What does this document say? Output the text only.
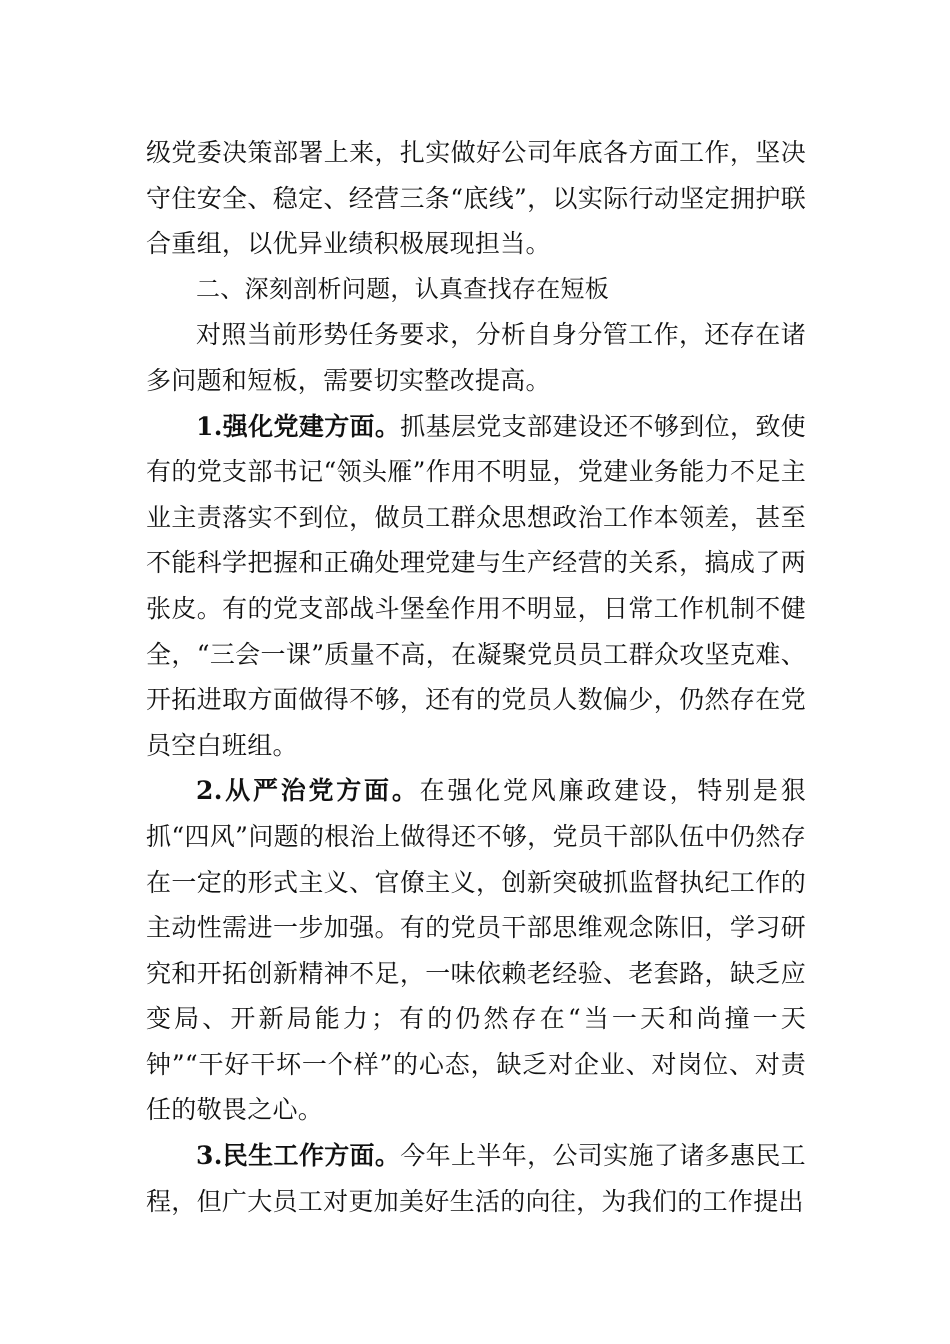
级党委决策部署上来，扎实做好公司年底各方面工作，坚决守住安全、稳定、经营三条“底线”，以实际行动坚定拥护联合重组，以优异业绩积极展现担当。

二、深刻剖析问题，认真查找存在短板

对照当前形势任务要求，分析自身分管工作，还存在诸多问题和短板，需要切实整改提高。

1.强化党建方面。抓基层党支部建设还不够到位，致使有的党支部书记“领头雁”作用不明显，党建业务能力不足主业主责落实不到位，做员工群众思想政治工作本领差，甚至不能科学把握和正确处理党建与生产经营的关系，搞成了两张皮。有的党支部战斗堡垒作用不明显，日常工作机制不健全，“三会一课”质量不高，在凝聚党员员工群众攻坚克难、开拓进取方面做得不够，还有的党员人数偏少，仍然存在党员空白班组。

2.从严治党方面。在强化党风廉政建设，特别是狠抓“四风”问题的根治上做得还不够，党员干部队伍中仍然存在一定的形式主义、官僚主义，创新突破抓监督执纪工作的主动性需进一步加强。有的党员干部思维观念陈旧，学习研究和开拓创新精神不足，一味依赖老经验、老套路，缺乏应变局、开新局能力；有的仍然存在“当一天和尚撞一天钟”“干好干坏一个样”的心态，缺乏对企业、对岗位、对责任的敬畏之心。

3.民生工作方面。今年上半年，公司实施了诸多惠民工程，但广大员工对更加美好生活的向往，为我们的工作提出
